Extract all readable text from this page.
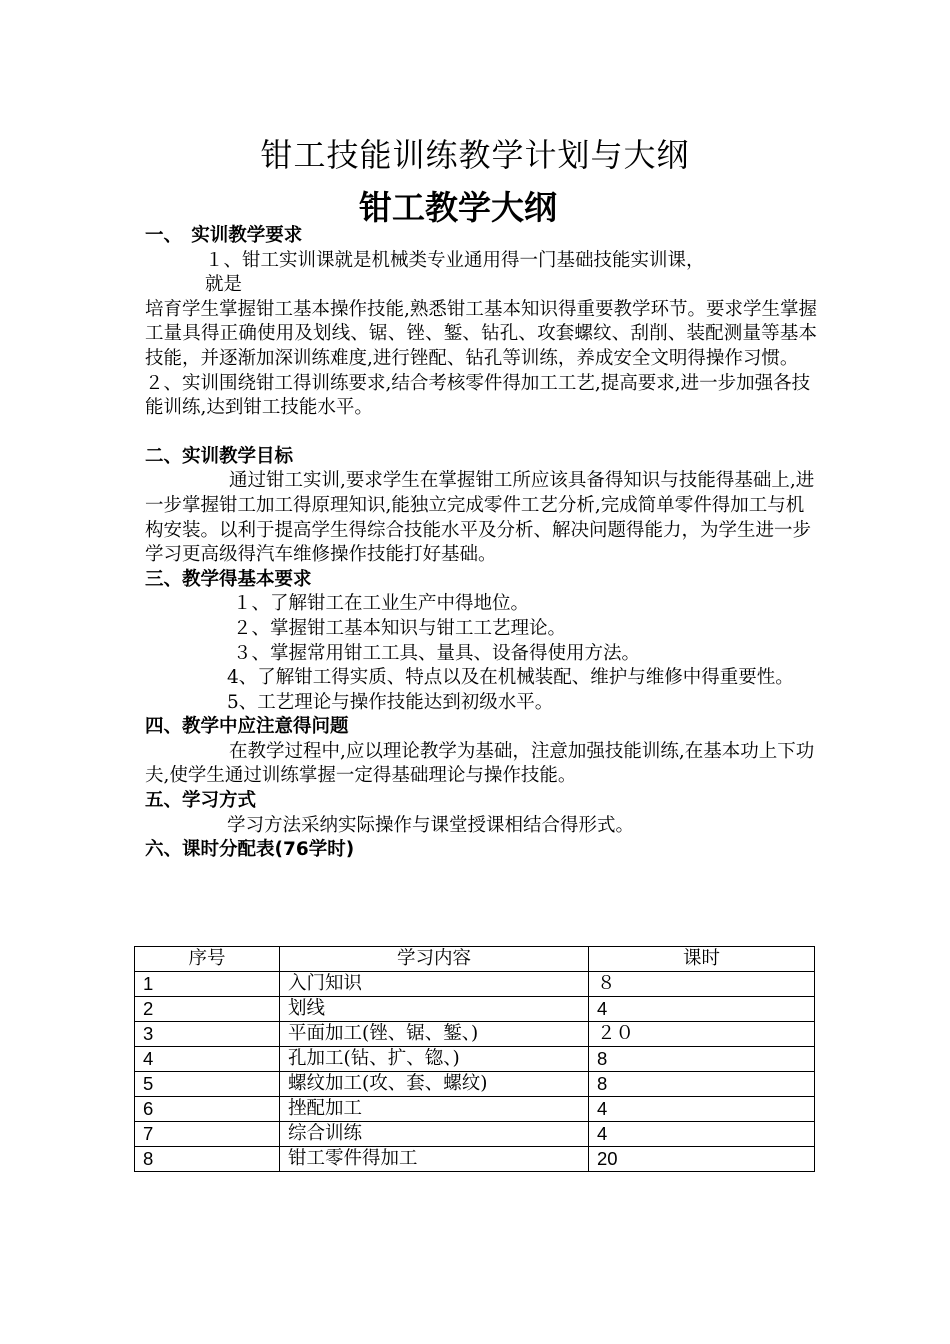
钳工技能训练教学计划与大纲
钳工教学大纲
一、　实训教学要求
１、钳工实训课就是机械类专业通用得一门基础技能实训课，
就是
培育学生掌握钳工基本操作技能,熟悉钳工基本知识得重要教学环节。要求学生掌握工量具得正确使用及划线、锯、锉、錾、钻孔、攻套螺纹、刮削、装配测量等基本技能，并逐渐加深训练难度,进行锉配、钻孔等训练，养成安全文明得操作习惯。
２、实训围绕钳工得训练要求,结合考核零件得加工工艺,提高要求,进一步加强各技能训练,达到钳工技能水平。
二、实训教学目标
通过钳工实训,要求学生在掌握钳工所应该具备得知识与技能得基础上,进一步掌握钳工加工得原理知识,能独立完成零件工艺分析,完成简单零件得加工与机构安装。以利于提高学生得综合技能水平及分析、解决问题得能力，为学生进一步学习更高级得汽车维修操作技能打好基础。
三、教学得基本要求
１、了解钳工在工业生产中得地位。
２、掌握钳工基本知识与钳工工艺理论。
３、掌握常用钳工工具、量具、设备得使用方法。
4、了解钳工得实质、特点以及在机械装配、维护与维修中得重要性。
5、工艺理论与操作技能达到初级水平。
四、教学中应注意得问题
在教学过程中,应以理论教学为基础，注意加强技能训练,在基本功上下功夫,使学生通过训练掌握一定得基础理论与操作技能。
五、学习方式
学习方法采纳实际操作与课堂授课相结合得形式。
六、课时分配表(76学时)
序号	学习内容	课时
1	入门知识	８
2	划线	4
3	平面加工(锉、锯、錾、)	２０
4	孔加工(钻、扩、锪、)	8
5	螺纹加工(攻、套、螺纹)	8
6	挫配加工	4
7	综合训练	4
8	钳工零件得加工	20
